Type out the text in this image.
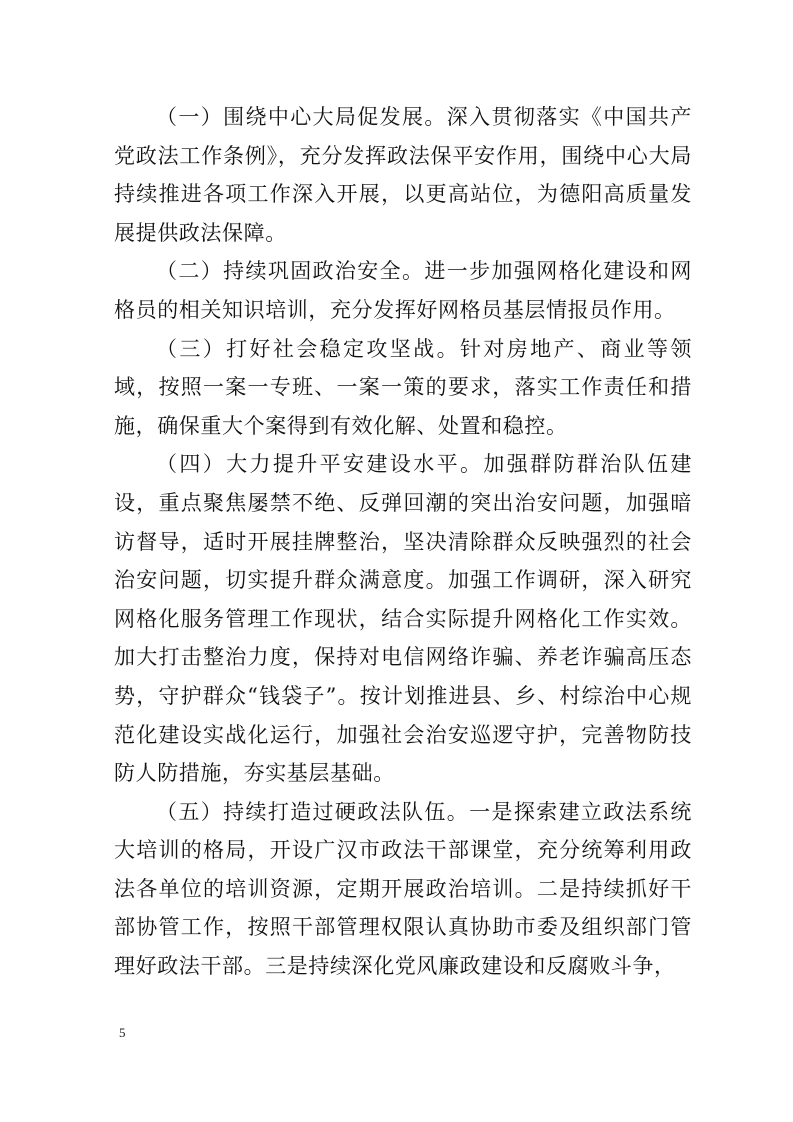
（一）围绕中心大局促发展。深入贯彻落实《中国共产党政法工作条例》，充分发挥政法保平安作用，围绕中心大局持续推进各项工作深入开展，以更高站位，为德阳高质量发展提供政法保障。

（二）持续巩固政治安全。进一步加强网格化建设和网格员的相关知识培训，充分发挥好网格员基层情报员作用。

（三）打好社会稳定攻坚战。针对房地产、商业等领域，按照一案一专班、一案一策的要求，落实工作责任和措施，确保重大个案得到有效化解、处置和稳控。

（四）大力提升平安建设水平。加强群防群治队伍建设，重点聚焦屡禁不绝、反弹回潮的突出治安问题，加强暗访督导，适时开展挂牌整治，坚决清除群众反映强烈的社会治安问题，切实提升群众满意度。加强工作调研，深入研究网格化服务管理工作现状，结合实际提升网格化工作实效。加大打击整治力度，保持对电信网络诈骗、养老诈骗高压态势，守护群众“钱袋子”。按计划推进县、乡、村综治中心规范化建设实战化运行，加强社会治安巡逻守护，完善物防技防人防措施，夯实基层基础。

（五）持续打造过硬政法队伍。一是探索建立政法系统大培训的格局，开设广汉市政法干部课堂，充分统筹利用政法各单位的培训资源，定期开展政治培训。二是持续抓好干部协管工作，按照干部管理权限认真协助市委及组织部门管理好政法干部。三是持续深化党风廉政建设和反腐败斗争，

5
